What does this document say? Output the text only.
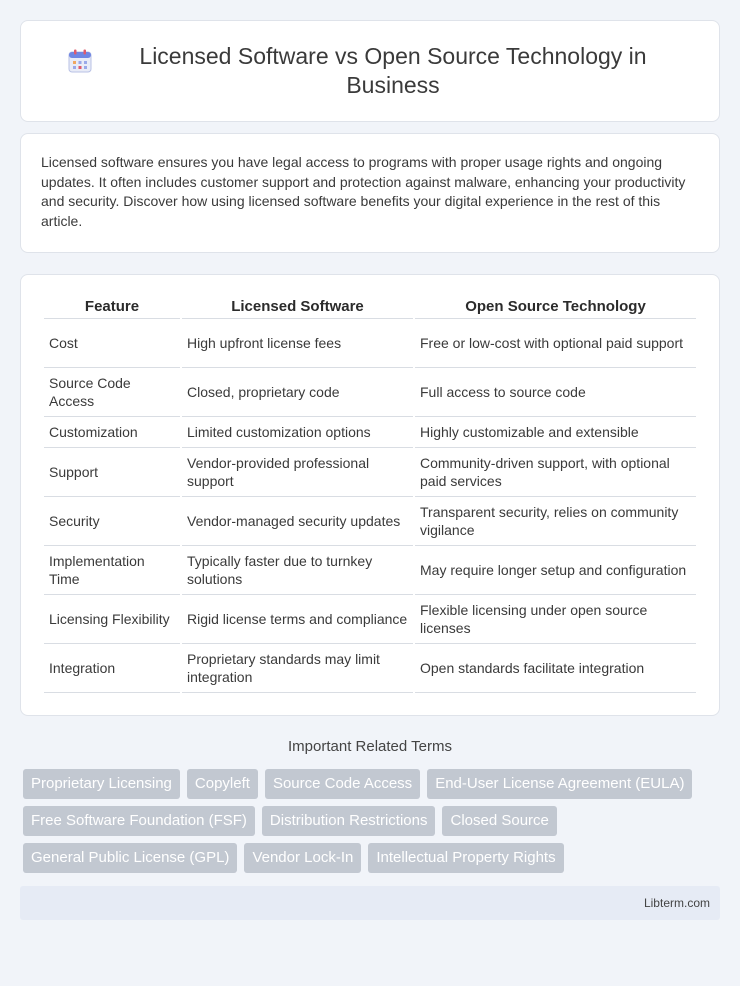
Licensed Software vs Open Source Technology in Business

Licensed software ensures you have legal access to programs with proper usage rights and ongoing updates. It often includes customer support and protection against malware, enhancing your productivity and security. Discover how using licensed software benefits your digital experience in the rest of this article.

Feature	Licensed Software	Open Source Technology
Cost	High upfront license fees	Free or low-cost with optional paid support
Source Code Access	Closed, proprietary code	Full access to source code
Customization	Limited customization options	Highly customizable and extensible
Support	Vendor-provided professional support	Community-driven support, with optional paid services
Security	Vendor-managed security updates	Transparent security, relies on community vigilance
Implementation Time	Typically faster due to turnkey solutions	May require longer setup and configuration
Licensing Flexibility	Rigid license terms and compliance	Flexible licensing under open source licenses
Integration	Proprietary standards may limit integration	Open standards facilitate integration
Important Related Terms
Proprietary Licensing	Copyleft	Source Code Access	End-User License Agreement (EULA)
Free Software Foundation (FSF)	Distribution Restrictions	Closed Source
General Public License (GPL)	Vendor Lock-In	Intellectual Property Rights
Libterm.com
